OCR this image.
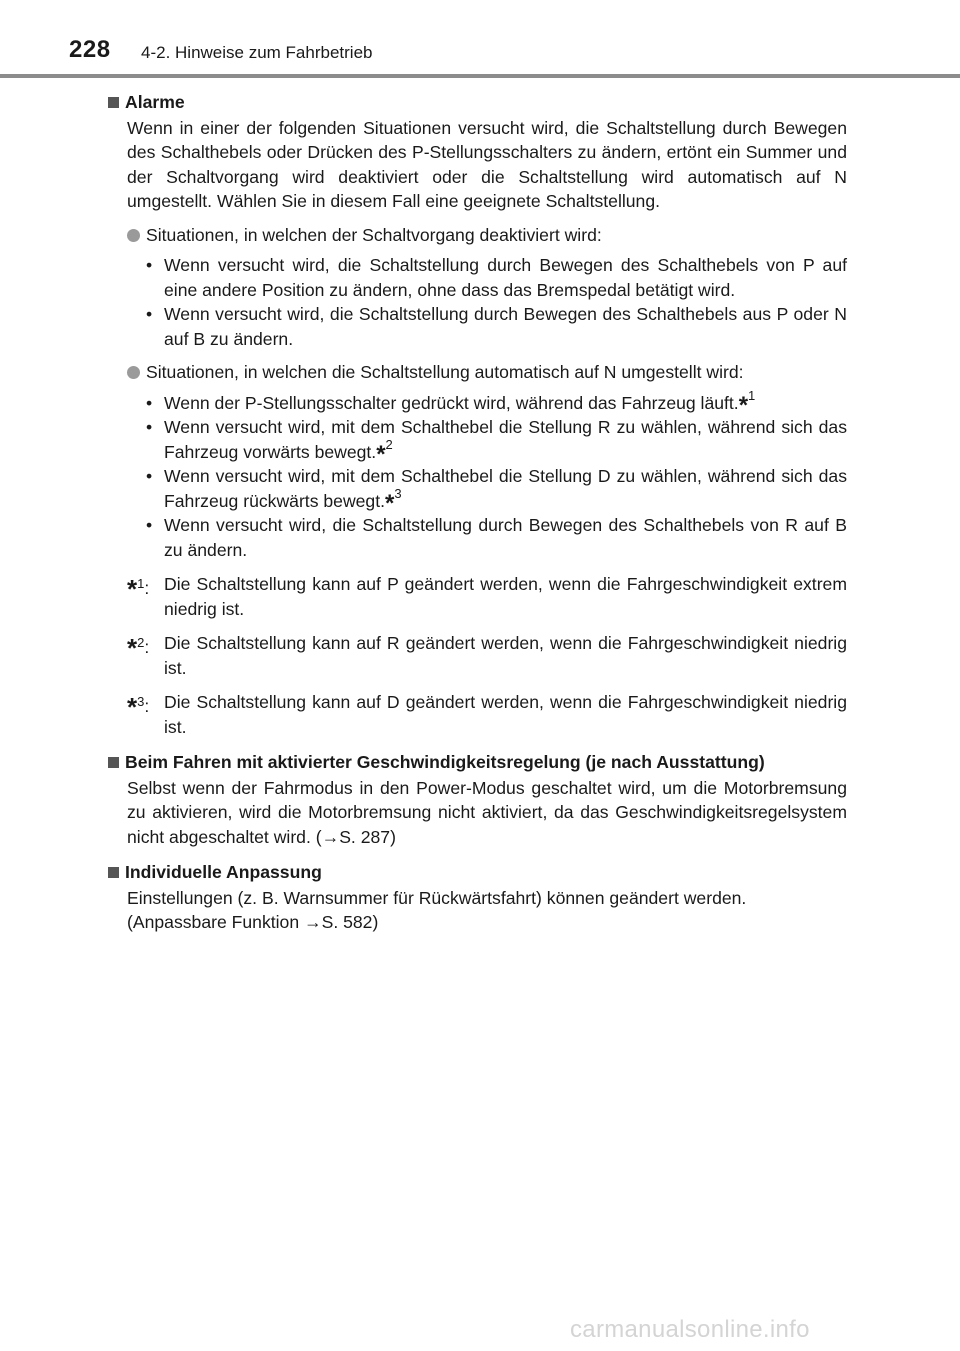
228 4-2. Hinweise zum Fahrbetrieb
Alarme

Wenn in einer der folgenden Situationen versucht wird, die Schaltstellung durch Bewegen des Schalthebels oder Drücken des P-Stellungsschalters zu ändern, ertönt ein Summer und der Schaltvorgang wird deaktiviert oder die Schaltstellung wird automatisch auf N umgestellt. Wählen Sie in diesem Fall eine geeignete Schaltstellung.

Situationen, in welchen der Schaltvorgang deaktiviert wird:
• Wenn versucht wird, die Schaltstellung durch Bewegen des Schalthebels von P auf eine andere Position zu ändern, ohne dass das Bremspedal betätigt wird.
• Wenn versucht wird, die Schaltstellung durch Bewegen des Schalthebels aus P oder N auf B zu ändern.
Situationen, in welchen die Schaltstellung automatisch auf N umgestellt wird:
• Wenn der P-Stellungsschalter gedrückt wird, während das Fahrzeug läuft.*$^1$
• Wenn versucht wird, mit dem Schalthebel die Stellung R zu wählen, während sich das Fahrzeug vorwärts bewegt.*$^2$
• Wenn versucht wird, mit dem Schalthebel die Stellung D zu wählen, während sich das Fahrzeug rückwärts bewegt.*$^3$
• Wenn versucht wird, die Schaltstellung durch Bewegen des Schalthebels von R auf B zu ändern.
*$^1$: Die Schaltstellung kann auf P geändert werden, wenn die Fahrgeschwindigkeit extrem niedrig ist.
*$^2$: Die Schaltstellung kann auf R geändert werden, wenn die Fahrgeschwindigkeit niedrig ist.
*$^3$: Die Schaltstellung kann auf D geändert werden, wenn die Fahrgeschwindigkeit niedrig ist.
Beim Fahren mit aktivierter Geschwindigkeitsregelung (je nach Ausstattung)

Selbst wenn der Fahrmodus in den Power-Modus geschaltet wird, um die Motorbremsung zu aktivieren, wird die Motorbremsung nicht aktiviert, da das Geschwindigkeitsregelsystem nicht abgeschaltet wird. (→S. 287)

Individuelle Anpassung
Einstellungen (z. B. Warnsummer für Rückwärtsfahrt) können geändert werden.
(Anpassbare Funktion →S. 582)
carmanualsonline.info
